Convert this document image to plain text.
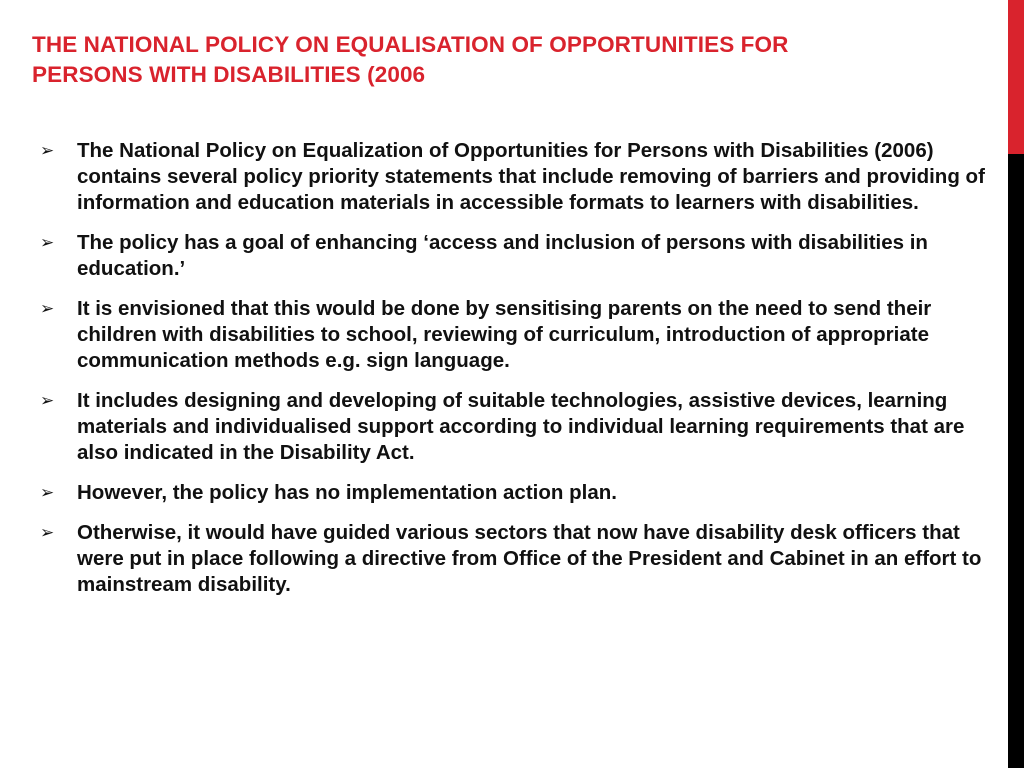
THE NATIONAL POLICY ON EQUALISATION OF OPPORTUNITIES FOR
PERSONS WITH DISABILITIES (2006
➢ The National Policy on Equalization of Opportunities for Persons with Disabilities (2006) contains several policy priority statements that include removing of barriers and providing of information and education materials in accessible formats to learners with disabilities.
➢ The policy has a goal of enhancing ‘access and inclusion of persons with disabilities in education.’
➢ It is envisioned that this would be done by sensitising parents on the need to send their children with disabilities to school, reviewing of curriculum, introduction of appropriate communication methods e.g. sign language.
➢ It includes designing and developing of suitable technologies, assistive devices, learning materials and individualised support according to individual learning requirements that are also indicated in the Disability Act.
➢ However, the policy has no implementation action plan.
➢ Otherwise, it would have guided various sectors that now have disability desk officers that were put in place following a directive from Office of the President and Cabinet in an effort to mainstream disability.
